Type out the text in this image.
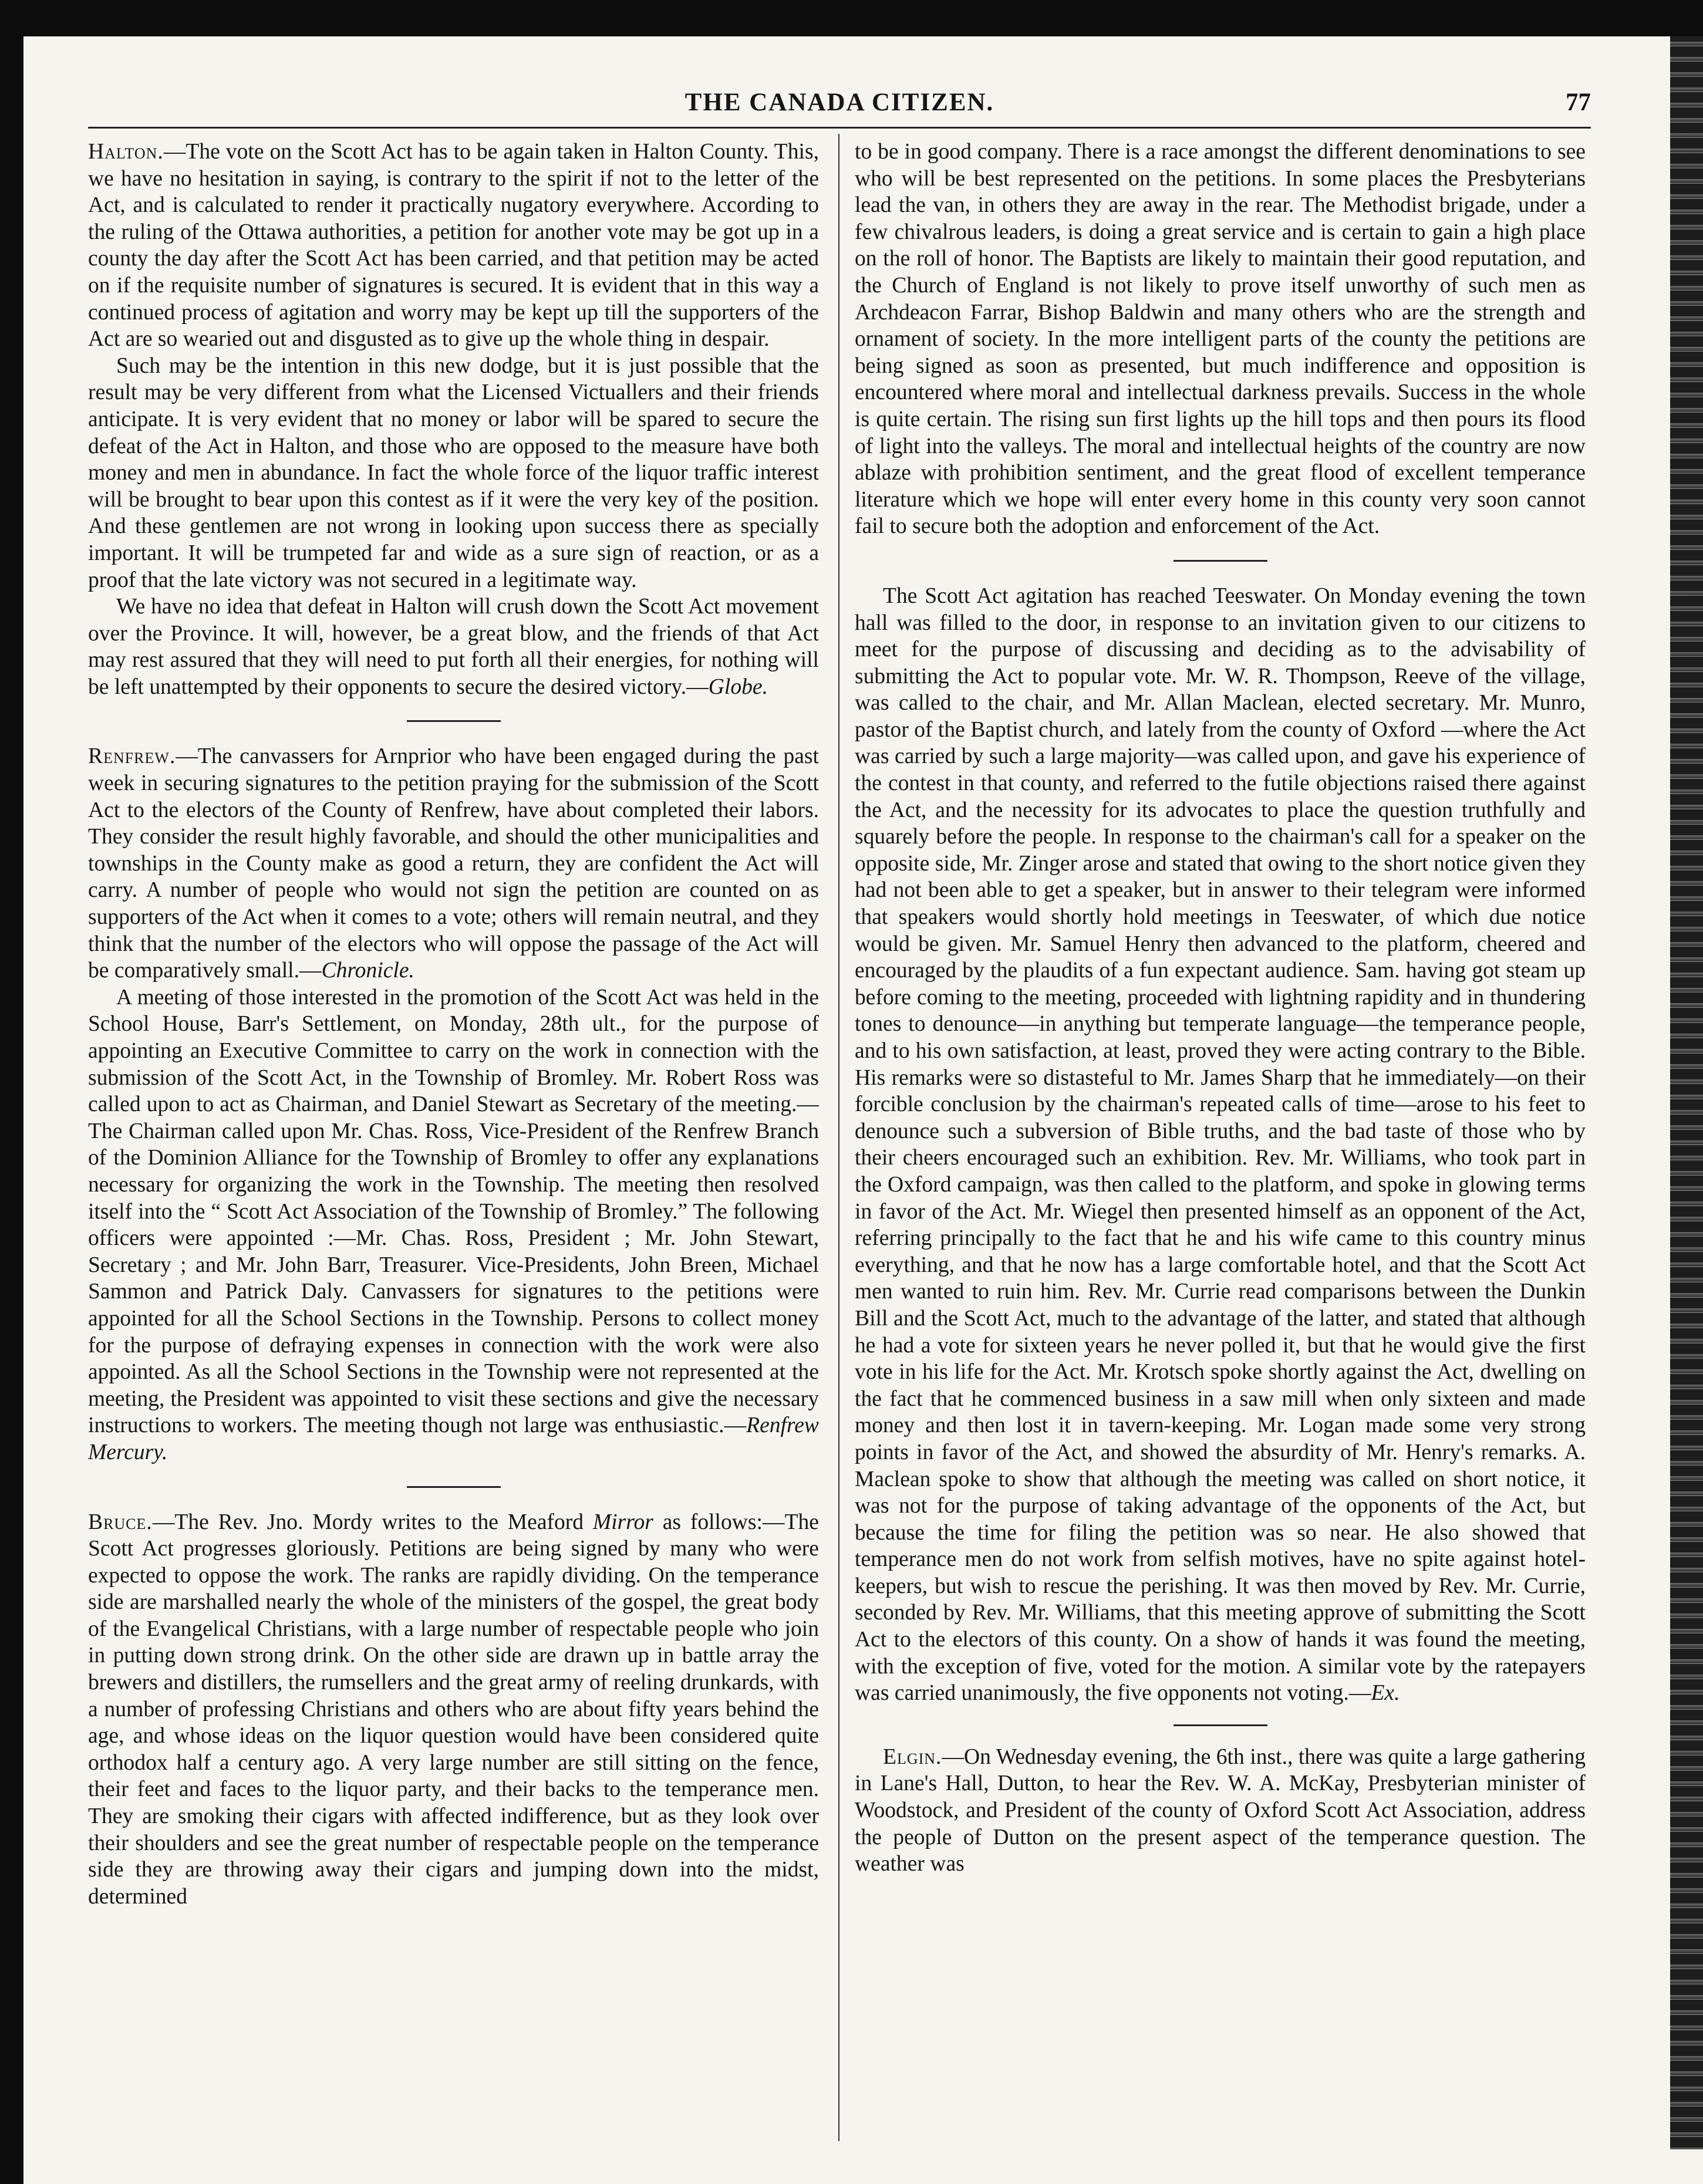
THE CANADA CITIZEN.	77

Halton.—The vote on the Scott Act has to be again taken in Halton County. This, we have no hesitation in saying, is contrary to the spirit if not to the letter of the Act, and is calculated to render it practically nugatory everywhere. According to the ruling of the Ottawa authorities, a petition for another vote may be got up in a county the day after the Scott Act has been carried, and that petition may be acted on if the requisite number of signatures is secured. It is evident that in this way a continued process of agitation and worry may be kept up till the supporters of the Act are so wearied out and disgusted as to give up the whole thing in despair.

Such may be the intention in this new dodge, but it is just possible that the result may be very different from what the Licensed Victuallers and their friends anticipate. It is very evident that no money or labor will be spared to secure the defeat of the Act in Halton, and those who are opposed to the measure have both money and men in abundance. In fact the whole force of the liquor traffic interest will be brought to bear upon this contest as if it were the very key of the position. And these gentlemen are not wrong in looking upon success there as specially important. It will be trumpeted far and wide as a sure sign of reaction, or as a proof that the late victory was not secured in a legitimate way.

We have no idea that defeat in Halton will crush down the Scott Act movement over the Province. It will, however, be a great blow, and the friends of that Act may rest assured that they will need to put forth all their energies, for nothing will be left unattempted by their opponents to secure the desired victory.—Globe.

Renfrew.—The canvassers for Arnprior who have been engaged during the past week in securing signatures to the petition praying for the submission of the Scott Act to the electors of the County of Renfrew, have about completed their labors. They consider the result highly favorable, and should the other municipalities and townships in the County make as good a return, they are confident the Act will carry. A number of people who would not sign the petition are counted on as supporters of the Act when it comes to a vote; others will remain neutral, and they think that the number of the electors who will oppose the passage of the Act will be comparatively small.—Chronicle.

A meeting of those interested in the promotion of the Scott Act was held in the School House, Barr's Settlement, on Monday, 28th ult., for the purpose of appointing an Executive Committee to carry on the work in connection with the submission of the Scott Act, in the Township of Bromley. Mr. Robert Ross was called upon to act as Chairman, and Daniel Stewart as Secretary of the meeting.—The Chairman called upon Mr. Chas. Ross, Vice-President of the Renfrew Branch of the Dominion Alliance for the Township of Bromley to offer any explanations necessary for organizing the work in the Township. The meeting then resolved itself into the “ Scott Act Association of the Township of Bromley.” The following officers were appointed :—Mr. Chas. Ross, President ; Mr. John Stewart, Secretary ; and Mr. John Barr, Treasurer. Vice-Presidents, John Breen, Michael Sammon and Patrick Daly. Canvassers for signatures to the petitions were appointed for all the School Sections in the Township. Persons to collect money for the purpose of defraying expenses in connection with the work were also appointed. As all the School Sections in the Township were not represented at the meeting, the President was appointed to visit these sections and give the necessary instructions to workers. The meeting though not large was enthusiastic.—Renfrew Mercury.

Bruce.—The Rev. Jno. Mordy writes to the Meaford Mirror as follows:—The Scott Act progresses gloriously. Petitions are being signed by many who were expected to oppose the work. The ranks are rapidly dividing. On the temperance side are marshalled nearly the whole of the ministers of the gospel, the great body of the Evangelical Christians, with a large number of respectable people who join in putting down strong drink. On the other side are drawn up in battle array the brewers and distillers, the rumsellers and the great army of reeling drunkards, with a number of professing Christians and others who are about fifty years behind the age, and whose ideas on the liquor question would have been considered quite orthodox half a century ago. A very large number are still sitting on the fence, their feet and faces to the liquor party, and their backs to the temperance men. They are smoking their cigars with affected indifference, but as they look over their shoulders and see the great number of respectable people on the temperance side they are throwing away their cigars and jumping down into the midst, determined

to be in good company. There is a race amongst the different denominations to see who will be best represented on the petitions. In some places the Presbyterians lead the van, in others they are away in the rear. The Methodist brigade, under a few chivalrous leaders, is doing a great service and is certain to gain a high place on the roll of honor. The Baptists are likely to maintain their good reputation, and the Church of England is not likely to prove itself unworthy of such men as Archdeacon Farrar, Bishop Baldwin and many others who are the strength and ornament of society. In the more intelligent parts of the county the petitions are being signed as soon as presented, but much indifference and opposition is encountered where moral and intellectual darkness prevails. Success in the whole is quite certain. The rising sun first lights up the hill tops and then pours its flood of light into the valleys. The moral and intellectual heights of the country are now ablaze with prohibition sentiment, and the great flood of excellent temperance literature which we hope will enter every home in this county very soon cannot fail to secure both the adoption and enforcement of the Act.

The Scott Act agitation has reached Teeswater. On Monday evening the town hall was filled to the door, in response to an invitation given to our citizens to meet for the purpose of discussing and deciding as to the advisability of submitting the Act to popular vote. Mr. W. R. Thompson, Reeve of the village, was called to the chair, and Mr. Allan Maclean, elected secretary. Mr. Munro, pastor of the Baptist church, and lately from the county of Oxford —where the Act was carried by such a large majority—was called upon, and gave his experience of the contest in that county, and referred to the futile objections raised there against the Act, and the necessity for its advocates to place the question truthfully and squarely before the people. In response to the chairman's call for a speaker on the opposite side, Mr. Zinger arose and stated that owing to the short notice given they had not been able to get a speaker, but in answer to their telegram were informed that speakers would shortly hold meetings in Teeswater, of which due notice would be given. Mr. Samuel Henry then advanced to the platform, cheered and encouraged by the plaudits of a fun expectant audience. Sam. having got steam up before coming to the meeting, proceeded with lightning rapidity and in thundering tones to denounce—in anything but temperate language—the temperance people, and to his own satisfaction, at least, proved they were acting contrary to the Bible. His remarks were so distasteful to Mr. James Sharp that he immediately—on their forcible conclusion by the chairman's repeated calls of time—arose to his feet to denounce such a subversion of Bible truths, and the bad taste of those who by their cheers encouraged such an exhibition. Rev. Mr. Williams, who took part in the Oxford campaign, was then called to the platform, and spoke in glowing terms in favor of the Act. Mr. Wiegel then presented himself as an opponent of the Act, referring principally to the fact that he and his wife came to this country minus everything, and that he now has a large comfortable hotel, and that the Scott Act men wanted to ruin him. Rev. Mr. Currie read comparisons between the Dunkin Bill and the Scott Act, much to the advantage of the latter, and stated that although he had a vote for sixteen years he never polled it, but that he would give the first vote in his life for the Act. Mr. Krotsch spoke shortly against the Act, dwelling on the fact that he commenced business in a saw mill when only sixteen and made money and then lost it in tavern-keeping. Mr. Logan made some very strong points in favor of the Act, and showed the absurdity of Mr. Henry's remarks. A. Maclean spoke to show that although the meeting was called on short notice, it was not for the purpose of taking advantage of the opponents of the Act, but because the time for filing the petition was so near. He also showed that temperance men do not work from selfish motives, have no spite against hotel-keepers, but wish to rescue the perishing. It was then moved by Rev. Mr. Currie, seconded by Rev. Mr. Williams, that this meeting approve of submitting the Scott Act to the electors of this county. On a show of hands it was found the meeting, with the exception of five, voted for the motion. A similar vote by the ratepayers was carried unanimously, the five opponents not voting.—Ex.

Elgin.—On Wednesday evening, the 6th inst., there was quite a large gathering in Lane's Hall, Dutton, to hear the Rev. W. A. McKay, Presbyterian minister of Woodstock, and President of the county of Oxford Scott Act Association, address the people of Dutton on the present aspect of the temperance question. The weather was
